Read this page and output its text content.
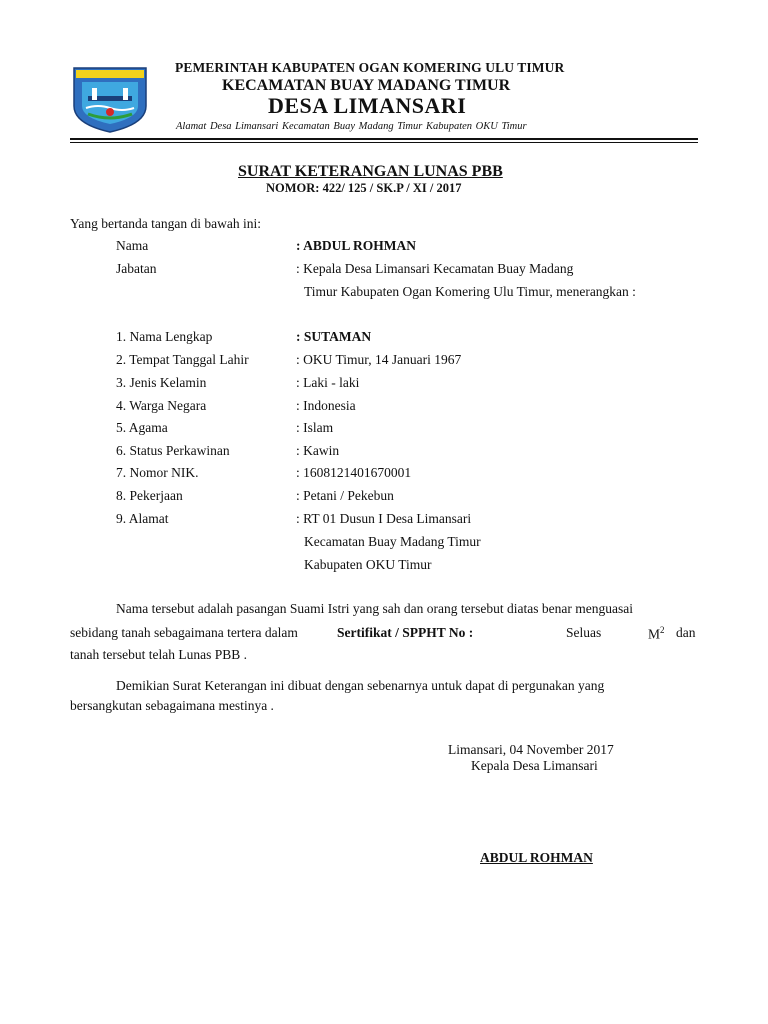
PEMERINTAH KABUPATEN OGAN KOMERING ULU TIMUR
KECAMATAN BUAY MADANG TIMUR
DESA LIMANSARI
Alamat Desa Limansari Kecamatan Buay Madang Timur Kabupaten OKU Timur
SURAT KETERANGAN LUNAS PBB
NOMOR: 422/ 125 / SK.P / XI / 2017
Yang bertanda tangan di bawah ini:
Nama	: ABDUL ROHMAN
Jabatan	: Kepala Desa Limansari Kecamatan Buay Madang
Timur Kabupaten Ogan Komering Ulu Timur, menerangkan :
1. Nama Lengkap	: SUTAMAN
2. Tempat Tanggal Lahir	: OKU Timur, 14 Januari 1967
3. Jenis Kelamin	: Laki - laki
4. Warga Negara	: Indonesia
5. Agama	: Islam
6. Status Perkawinan	: Kawin
7. Nomor NIK.	: 1608121401670001
8. Pekerjaan	: Petani / Pekebun
9. Alamat	: RT 01 Dusun I Desa Limansari
Kecamatan Buay Madang Timur
Kabupaten OKU Timur
Nama tersebut adalah pasangan Suami Istri yang sah dan orang tersebut diatas benar menguasai
sebidang tanah sebagaimana tertera dalam	Sertifikat / SPPHT No :	Seluas	$M^2$ dan
tanah tersebut telah Lunas PBB .
Demikian Surat Keterangan ini dibuat dengan sebenarnya untuk dapat di pergunakan yang
bersangkutan sebagaimana mestinya .
Limansari, 04 November 2017
Kepala Desa Limansari
ABDUL ROHMAN
